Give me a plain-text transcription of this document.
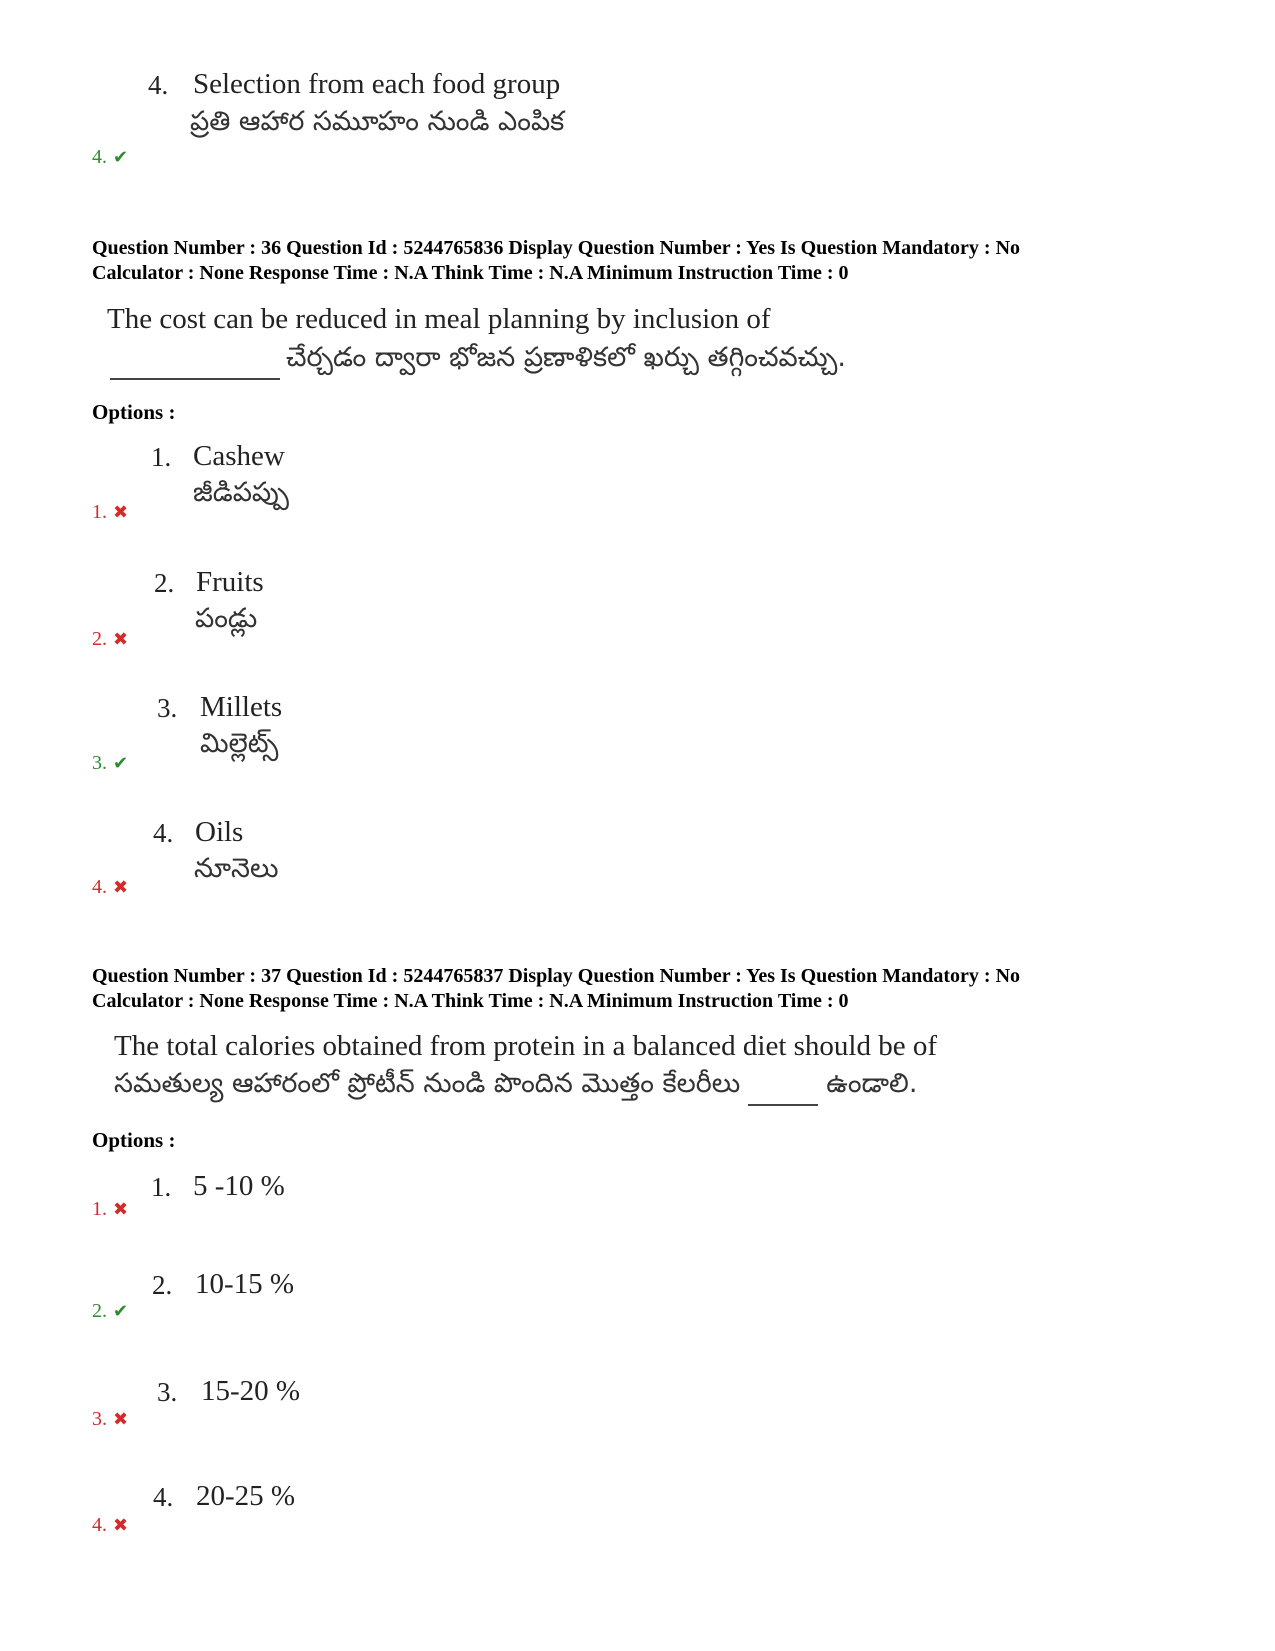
4. Selection from each food group
ప్రతి ఆహార సమూహం నుండి ఎంపిక
4. ✔
Question Number : 36 Question Id : 5244765836 Display Question Number : Yes Is Question Mandatory : No
Calculator : None Response Time : N.A Think Time : N.A Minimum Instruction Time : 0
The cost can be reduced in meal planning by inclusion of
చేర్చడం ద్వారా భోజన ప్రణాళికలో ఖర్చు తగ్గించవచ్చు.
Options :
1. Cashew
జీడిపప్పు
1. ✖
2. Fruits
పండ్లు
2. ✖
3. Millets
మిల్లెట్స్
3. ✔
4. Oils
నూనెలు
4. ✖
Question Number : 37 Question Id : 5244765837 Display Question Number : Yes Is Question Mandatory : No
Calculator : None Response Time : N.A Think Time : N.A Minimum Instruction Time : 0
The total calories obtained from protein in a balanced diet should be of
సమతుల్య ఆహారంలో ప్రోటీన్ నుండి పొందిన మొత్తం కేలరీలు	ఉండాలి.
Options :
1. 5 -10 %
1. ✖
2. 10-15 %
2. ✔
3. 15-20 %
3. ✖
4. 20-25 %
4. ✖
